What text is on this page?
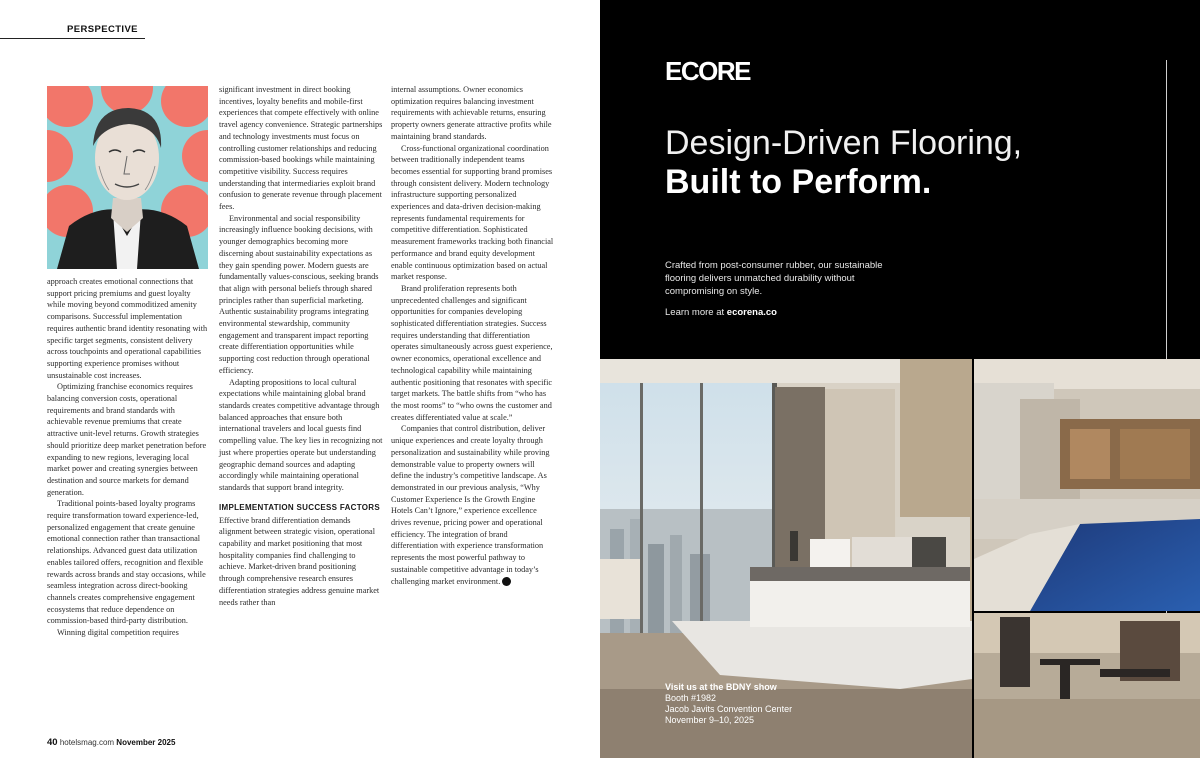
PERSPECTIVE

approach creates emotional connections that support pricing premiums and guest loyalty while moving beyond commoditized amenity comparisons. Successful implementation requires authentic brand identity resonating with specific target segments, consistent delivery across touchpoints and operational capabilities supporting experience promises without unsustainable cost increases.

Optimizing franchise economics requires balancing conversion costs, operational requirements and brand standards with achievable revenue premiums that create attractive unit-level returns. Growth strategies should prioritize deep market penetration before expanding to new regions, leveraging local market power and creating synergies between destination and source markets for demand generation.

Traditional points-based loyalty programs require transformation toward experience-led, personalized engagement that create genuine emotional connection rather than transactional relationships. Advanced guest data utilization enables tailored offers, recognition and flexible rewards across brands and stay occasions, while seamless integration across direct-booking channels creates comprehensive engagement ecosystems that reduce dependence on commission-based third-party distribution.

Winning digital competition requires

significant investment in direct booking incentives, loyalty benefits and mobile-first experiences that compete effectively with online travel agency convenience. Strategic partnerships and technology investments must focus on controlling customer relationships and reducing commission-based bookings while maintaining competitive visibility. Success requires understanding that intermediaries exploit brand confusion to generate revenue through placement fees.

Environmental and social responsibility increasingly influence booking decisions, with younger demographics becoming more discerning about sustainability expectations as they gain spending power. Modern guests are fundamentally values-conscious, seeking brands that align with personal beliefs through shared principles rather than superficial marketing. Authentic sustainability programs integrating environmental stewardship, community engagement and transparent impact reporting create differentiation opportunities while supporting cost reduction through operational efficiency.

Adapting propositions to local cultural expectations while maintaining global brand standards creates competitive advantage through balanced approaches that ensure both international travelers and local guests find compelling value. The key lies in recognizing not just where properties operate but understanding geographic demand sources and adapting accordingly while maintaining operational standards that support brand integrity.

IMPLEMENTATION SUCCESS FACTORS

Effective brand differentiation demands alignment between strategic vision, operational capability and market positioning that most hospitality companies find challenging to achieve. Market-driven brand positioning through comprehensive research ensures differentiation strategies address genuine market needs rather than

internal assumptions. Owner economics optimization requires balancing investment requirements with achievable returns, ensuring property owners generate attractive profits while maintaining brand standards.

Cross-functional organizational coordination between traditionally independent teams becomes essential for supporting brand promises through consistent delivery. Modern technology infrastructure supporting personalized experiences and data-driven decision-making represents fundamental requirements for competitive differentiation. Sophisticated measurement frameworks tracking both financial performance and brand equity development enable continuous optimization based on actual market response.

Brand proliferation represents both unprecedented challenges and significant opportunities for companies developing sophisticated differentiation strategies. Success requires understanding that differentiation operates simultaneously across guest experience, owner economics, operational excellence and technological capability while maintaining authentic positioning that resonates with specific target markets. The battle shifts from “who has the most rooms” to “who owns the customer and creates differentiated value at scale.”

Companies that control distribution, deliver unique experiences and create loyalty through personalization and sustainability while proving demonstrable value to property owners will define the industry’s competitive landscape. As demonstrated in our previous analysis, “Why Customer Experience Is the Growth Engine Hotels Can’t Ignore,” experience excellence drives revenue, pricing power and operational efficiency. The integration of brand differentiation with experience transformation represents the most powerful pathway to sustainable competitive advantage in today’s challenging market environment. H

40 hotelsmag.com November 2025
ECORE
Design-Driven Flooring,
Built to Perform.
Crafted from post-consumer rubber, our sustainable flooring delivers unmatched durability without compromising on style.
Learn more at ecorena.co
Visit us at the BDNY show
Booth #1982
Jacob Javits Convention Center
November 9–10, 2025
